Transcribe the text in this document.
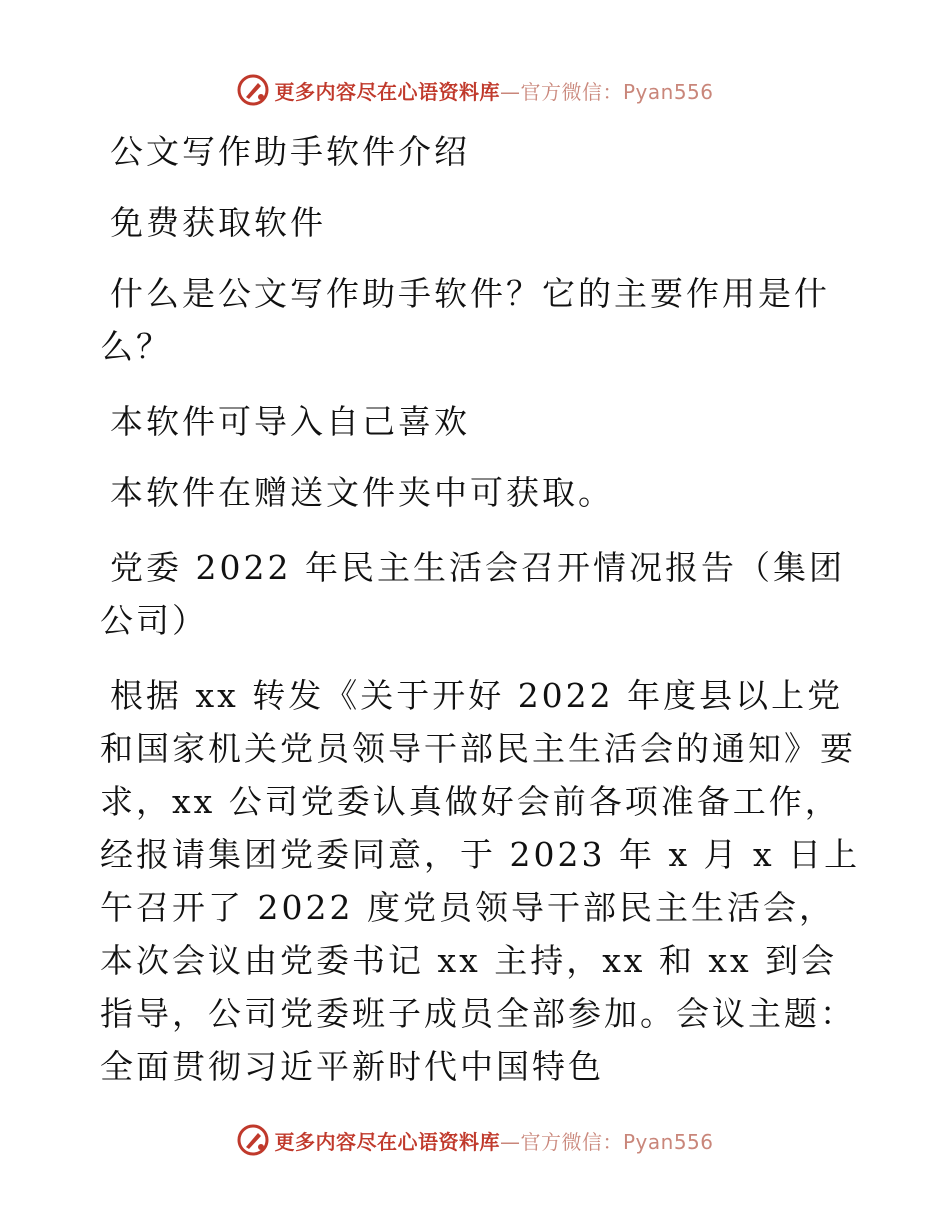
更多内容尽在心语资料库—官方微信：Pyan556

公文写作助手软件介绍

免费获取软件

什么是公文写作助手软件？它的主要作用是什么？

本软件可导入自己喜欢

本软件在赠送文件夹中可获取。

党委 2022 年民主生活会召开情况报告（集团公司）

根据 xx 转发《关于开好 2022 年度县以上党和国家机关党员领导干部民主生活会的通知》要求，xx 公司党委认真做好会前各项准备工作，经报请集团党委同意，于 2023 年 x 月 x 日上午召开了 2022 度党员领导干部民主生活会，本次会议由党委书记 xx 主持，xx 和 xx 到会指导，公司党委班子成员全部参加。会议主题：全面贯彻习近平新时代中国特色

更多内容尽在心语资料库—官方微信：Pyan556
